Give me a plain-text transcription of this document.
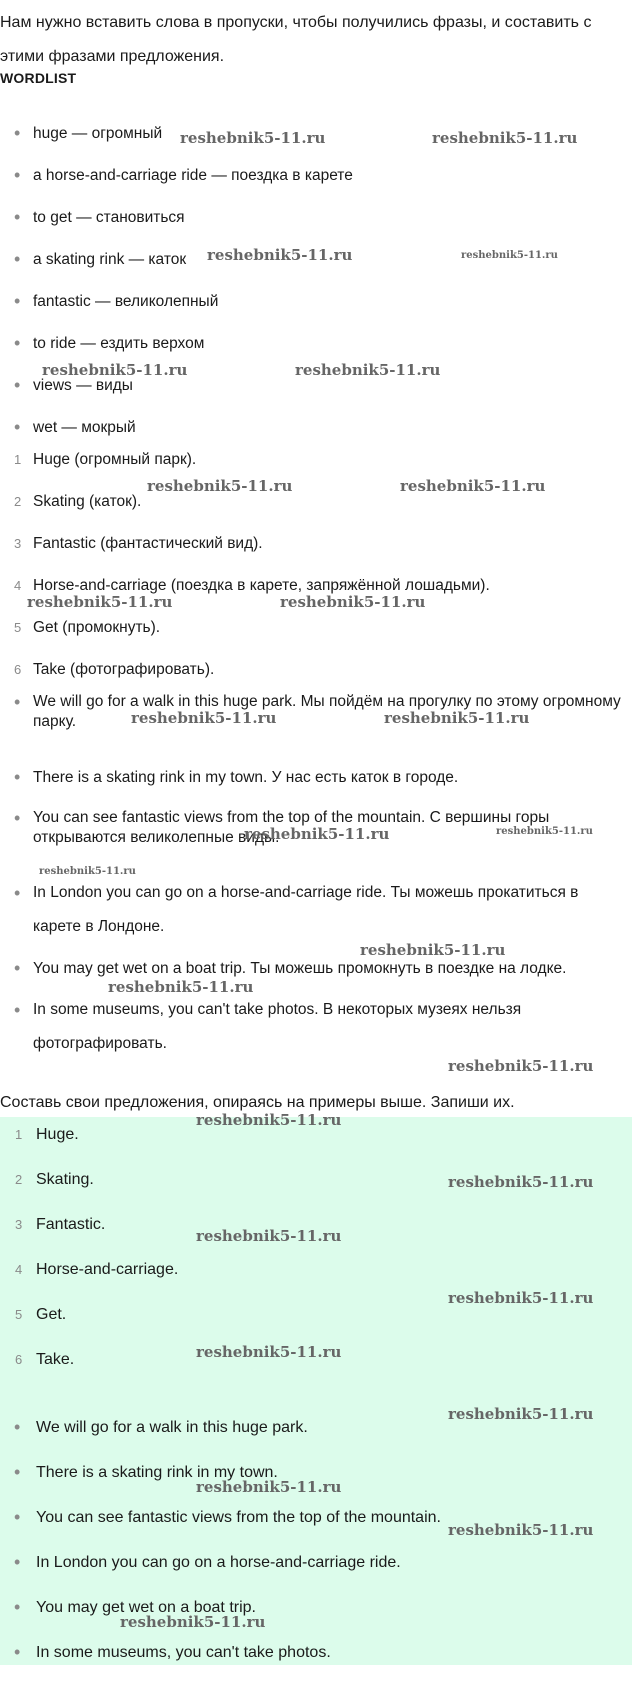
Нам нужно вставить слова в пропуски, чтобы получились фразы, и составить с этими фразами предложения.

WORDLIST

• huge — огромный
• a horse-and-carriage ride — поездка в карете
• to get — становиться
• a skating rink — каток
• fantastic — великолепный
• to ride — ездить верхом
• views — виды
• wet — мокрый
1 Huge (огромный парк).
2 Skating (каток).
3 Fantastic (фантастический вид).
4 Horse-and-carriage (поездка в карете, запряжённой лошадьми).
5 Get (промокнуть).
6 Take (фотографировать).
• We will go for a walk in this huge park. Мы пойдём на прогулку по этому огромному парку.
• There is a skating rink in my town. У нас есть каток в городе.
• You can see fantastic views from the top of the mountain. С вершины горы открываются великолепные виды.
• In London you can go on a horse-and-carriage ride. Ты можешь прокатиться в карете в Лондоне.
• You may get wet on a boat trip. Ты можешь промокнуть в поездке на лодке.
• In some museums, you can't take photos. В некоторых музеях нельзя фотографировать.

Составь свои предложения, опираясь на примеры выше. Запиши их.

1 Huge.
2 Skating.
3 Fantastic.
4 Horse-and-carriage.
5 Get.
6 Take.
• We will go for a walk in this huge park.
• There is a skating rink in my town.
• You can see fantastic views from the top of the mountain.
• In London you can go on a horse-and-carriage ride.
• You may get wet on a boat trip.
• In some museums, you can't take photos.
reshebnik5-11.ru	reshebnik5-11.ru
reshebnik5-11.ru	reshebnik5-11.ru
reshebnik5-11.ru	reshebnik5-11.ru
reshebnik5-11.ru	reshebnik5-11.ru
reshebnik5-11.ru	reshebnik5-11.ru
reshebnik5-11.ru	reshebnik5-11.ru
reshebnik5-11.ru	reshebnik5-11.ru
reshebnik5-11.ru
reshebnik5-11.ru
reshebnik5-11.ru
reshebnik5-11.ru
reshebnik5-11.ru
reshebnik5-11.ru
reshebnik5-11.ru
reshebnik5-11.ru
reshebnik5-11.ru
reshebnik5-11.ru
reshebnik5-11.ru
reshebnik5-11.ru
reshebnik5-11.ru
